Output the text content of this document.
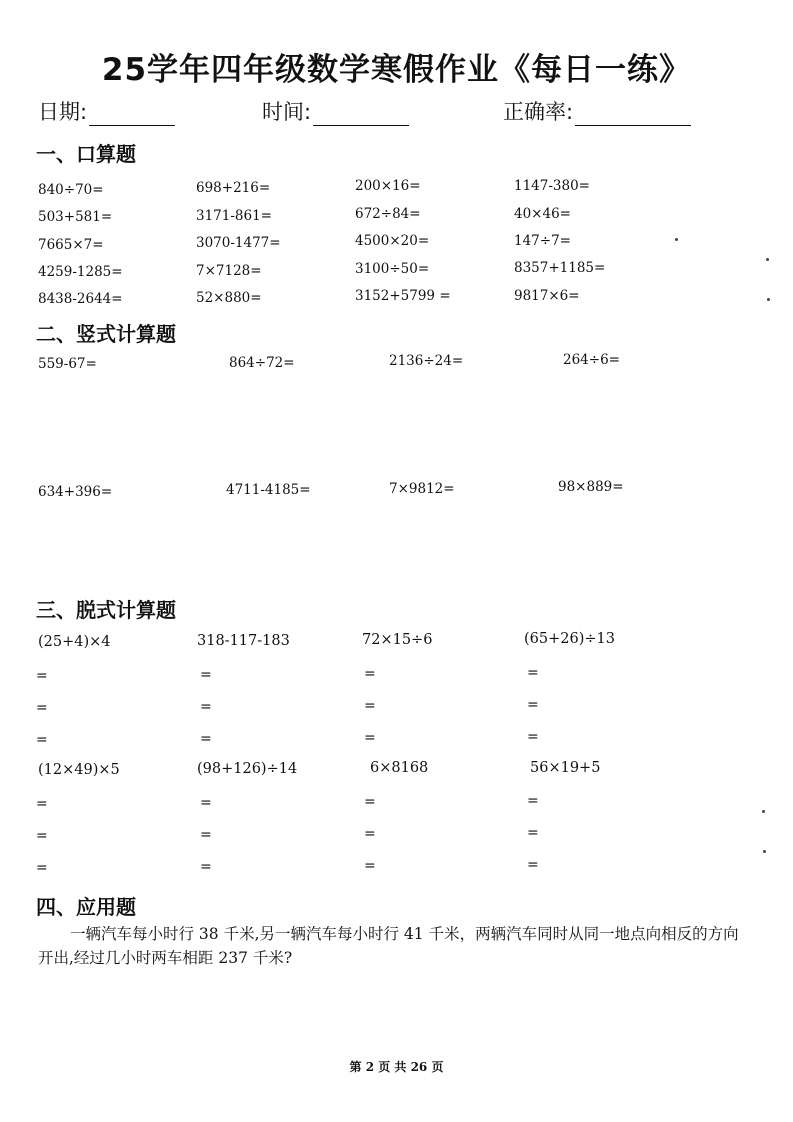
25学年四年级数学寒假作业《每日一练》
日期:	时间:	正确率:
一、口算题
840÷70=	698+216=	200×16=	1147-380=
503+581=	3171-861=	672÷84=	40×46=
7665×7=	3070-1477=	4500×20=	147÷7=
4259-1285=	7×7128=	3100÷50=	8357+1185=
8438-2644=	52×880=	3152+5799 =	9817×6=
二、竖式计算题
559-67=	864÷72=	2136÷24=	264÷6=
634+396=	4711-4185=	7×9812=	98×889=
三、脱式计算题
(25+4)×4	318-117-183	72×15÷6	(65+26)÷13
=	=	=	=
=	=	=	=
=	=	=	=
(12×49)×5	(98+126)÷14	6×8168	56×19+5
=	=	=	=
=	=	=	=
=	=	=	=
四、应用题
一辆汽车每小时行 38 千米,另一辆汽车每小时行 41 千米，两辆汽车同时从同一地点向相反的方向开出,经过几小时两车相距 237 千米?
第 2 页 共 26 页
